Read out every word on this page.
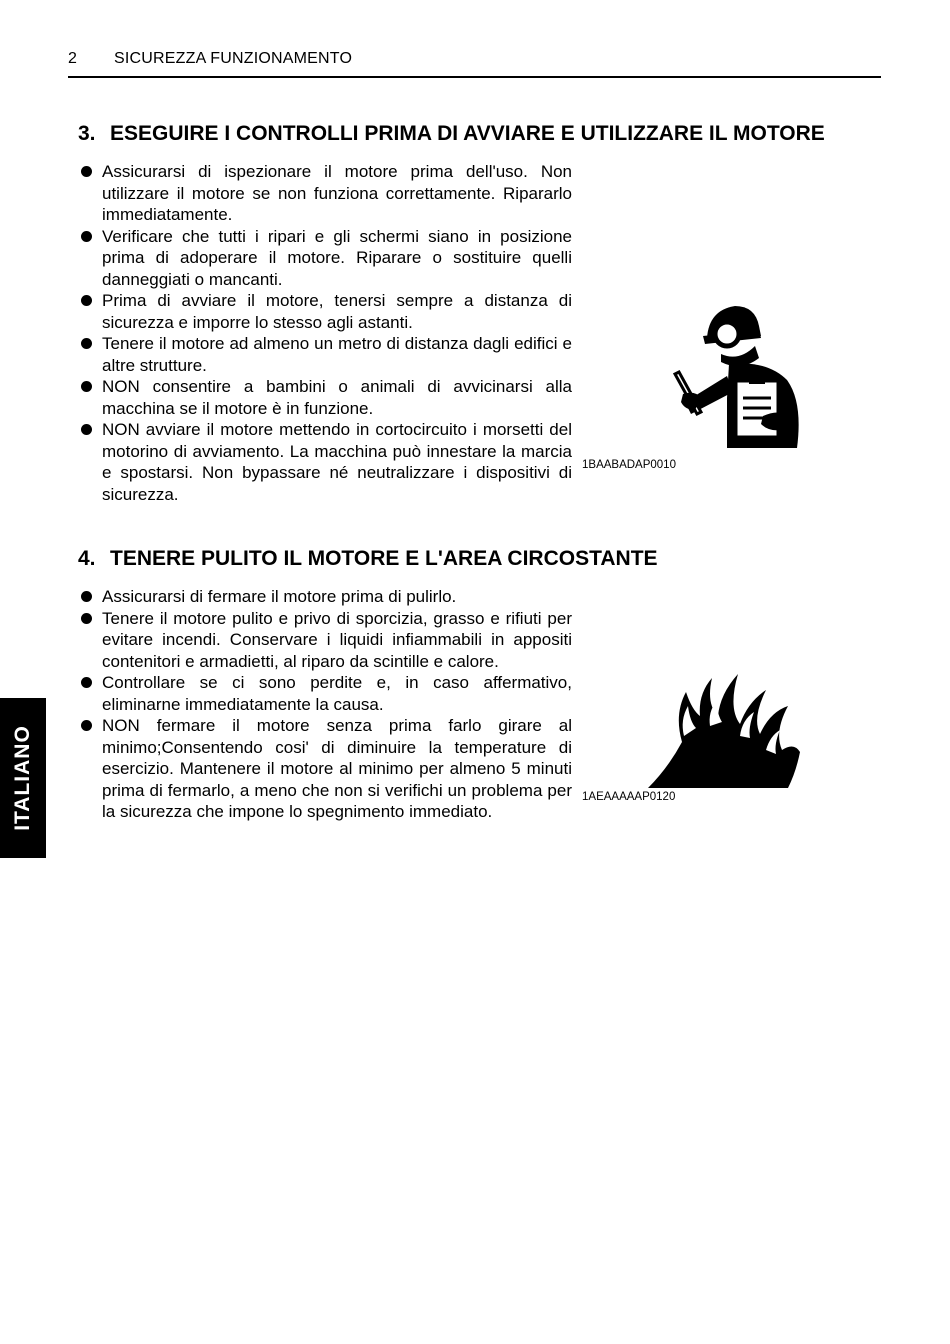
2 SICUREZZA FUNZIONAMENTO
3. ESEGUIRE I CONTROLLI PRIMA DI AVVIARE E UTILIZZARE IL MOTORE
Assicurarsi di ispezionare il motore prima dell'uso. Non utilizzare il motore se non funziona correttamente. Ripararlo immediatamente.
Verificare che tutti i ripari e gli schermi siano in posizione prima di adoperare il motore. Riparare o sostituire quelli danneggiati o mancanti.
Prima di avviare il motore, tenersi sempre a distanza di sicurezza e imporre lo stesso agli astanti.
Tenere il motore ad almeno un metro di distanza dagli edifici e altre strutture.
NON consentire a bambini o animali di avvicinarsi alla macchina se il motore è in funzione.
NON avviare il motore mettendo in cortocircuito i morsetti del motorino di avviamento. La macchina può innestare la marcia e spostarsi. Non bypassare né neutralizzare i dispositivi di sicurezza.
1BAABADAP0010
4. TENERE PULITO IL MOTORE E L'AREA CIRCOSTANTE
Assicurarsi di fermare il motore prima di pulirlo.
Tenere il motore pulito e privo di sporcizia, grasso e rifiuti per evitare incendi. Conservare i liquidi infiammabili in appositi contenitori e armadietti, al riparo da scintille e calore.
Controllare se ci sono perdite e, in caso affermativo, eliminarne immediatamente la causa.
NON fermare il motore senza prima farlo girare al minimo;Consentendo cosi' di diminuire la temperature di esercizio. Mantenere il motore al minimo per almeno 5 minuti prima di fermarlo, a meno che non si verifichi un problema per la sicurezza che impone lo spegnimento immediato.
1AEAAAAAP0120
ITALIANO
